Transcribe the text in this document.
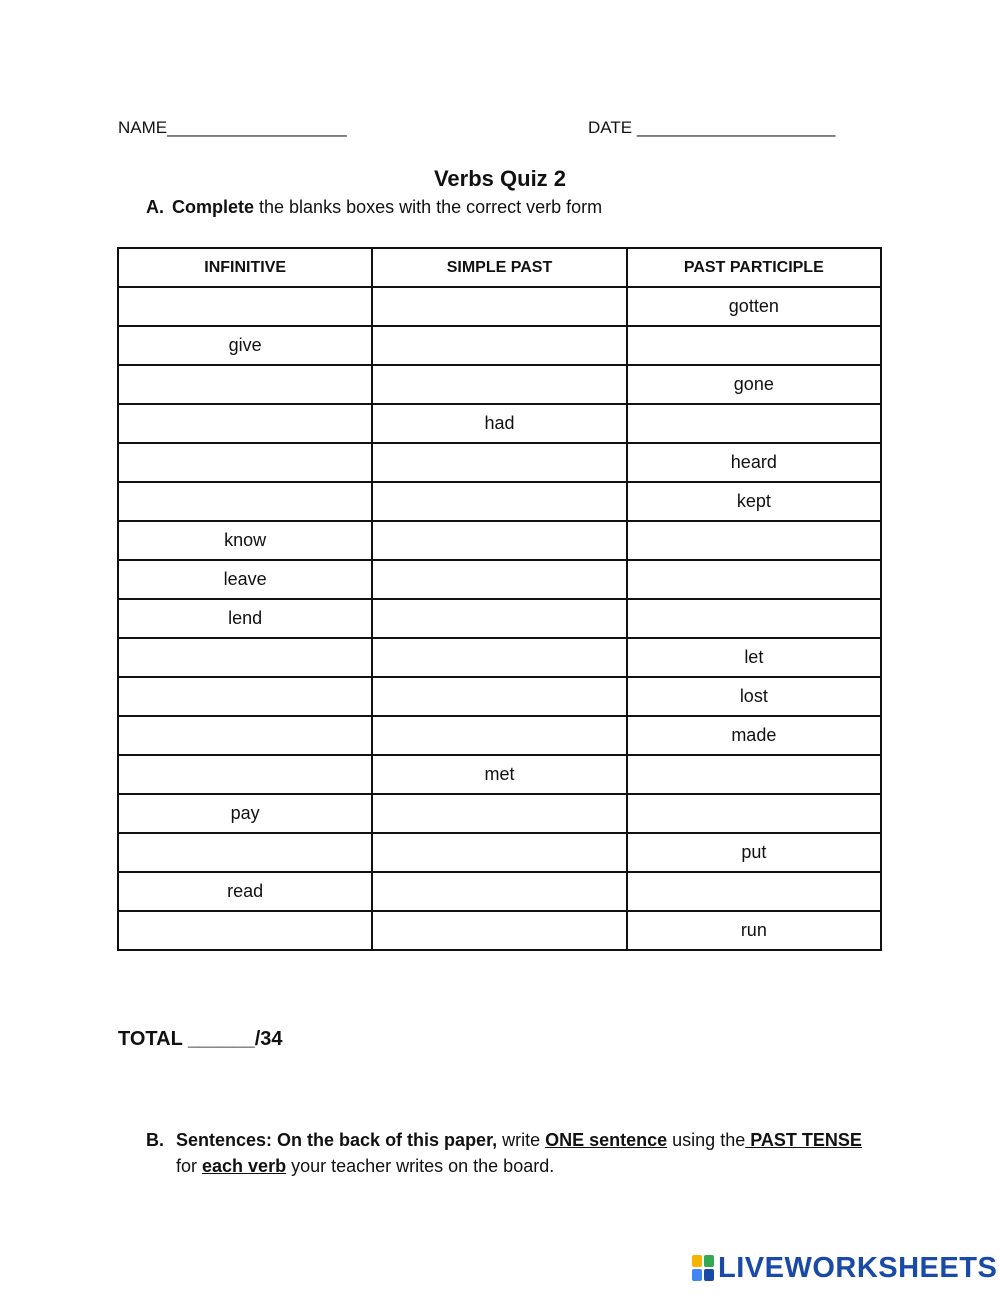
NAME___________________	DATE _____________________
Verbs Quiz 2
A. Complete the blanks boxes with the correct verb form
INFINITIVE	SIMPLE PAST	PAST PARTICIPLE
		gotten
give		
		gone
	had	
		heard
		kept
know		
leave		
lend		
		let
		lost
		made
	met	
pay		
		put
read		
		run
TOTAL ______/34
B. Sentences: On the back of this paper, write ONE sentence using the PAST TENSE for each verb your teacher writes on the board.
LIVEWORKSHEETS
